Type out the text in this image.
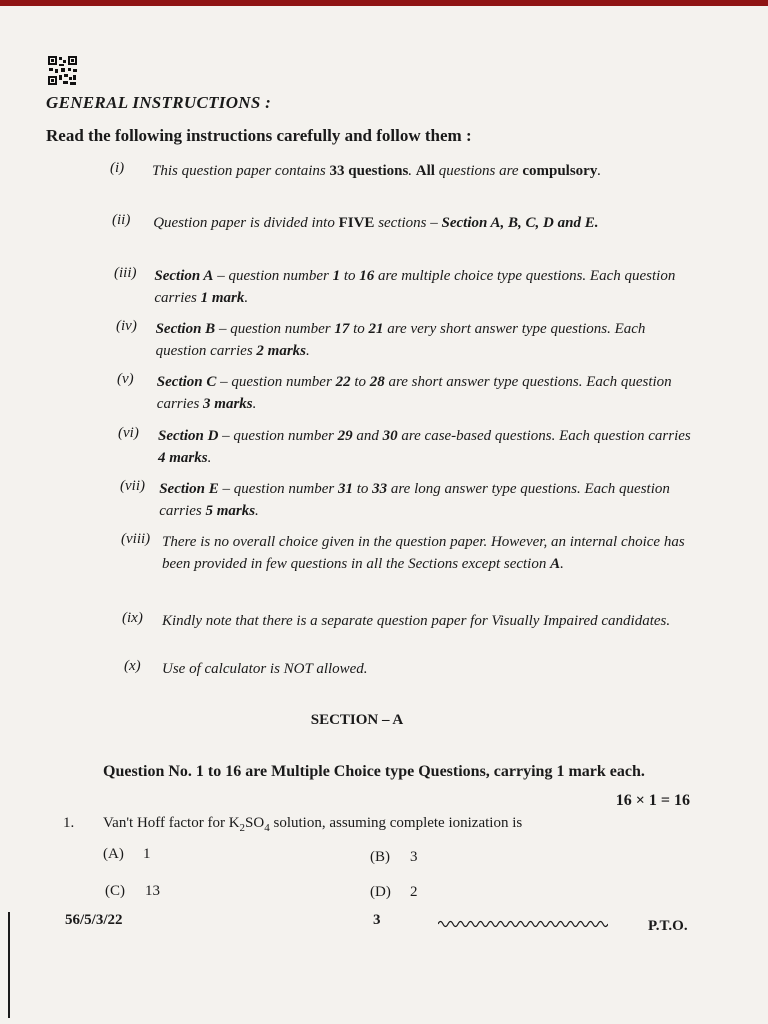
GENERAL INSTRUCTIONS :
Read the following instructions carefully and follow them :
(i) This question paper contains 33 questions. All questions are compulsory.
(ii) Question paper is divided into FIVE sections – Section A, B, C, D and E.
(iii) Section A – question number 1 to 16 are multiple choice type questions. Each question carries 1 mark.
(iv) Section B – question number 17 to 21 are very short answer type questions. Each question carries 2 marks.
(v) Section C – question number 22 to 28 are short answer type questions. Each question carries 3 marks.
(vi) Section D – question number 29 and 30 are case-based questions. Each question carries 4 marks.
(vii) Section E – question number 31 to 33 are long answer type questions. Each question carries 5 marks.
(viii) There is no overall choice given in the question paper. However, an internal choice has been provided in few questions in all the Sections except section A.
(ix) Kindly note that there is a separate question paper for Visually Impaired candidates.
(x) Use of calculator is NOT allowed.
SECTION – A
Question No. 1 to 16 are Multiple Choice type Questions, carrying 1 mark each.
16 × 1 = 16
1. Van't Hoff factor for $K_2SO_4$ solution, assuming complete ionization is
(A) 1	(B) 3
(C) 13	(D) 2
56/5/3/22	3	P.T.O.
